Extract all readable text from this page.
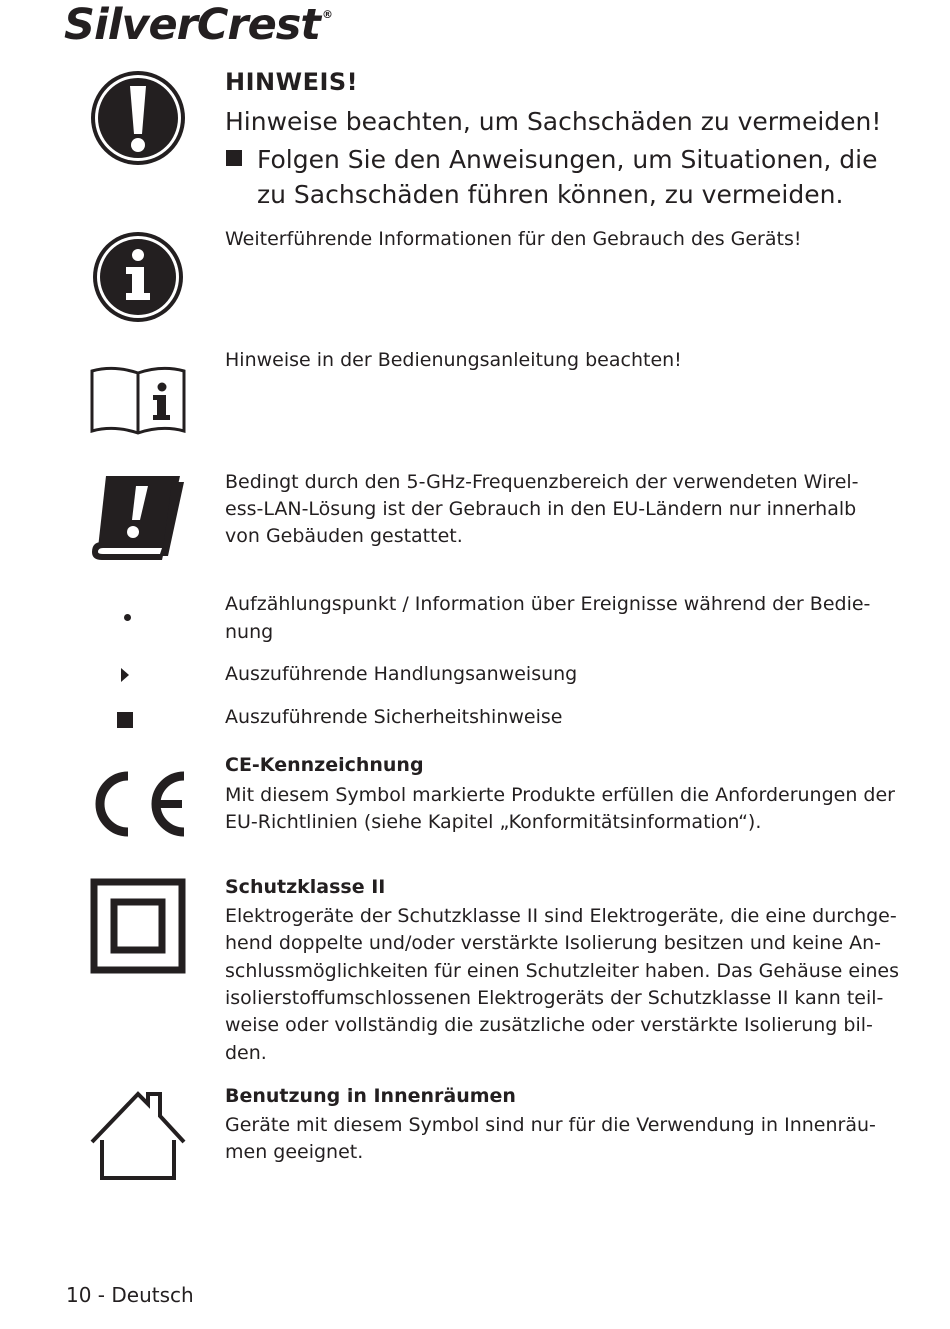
SilverCrest ®
HINWEIS!
Hinweise beachten, um Sachschäden zu vermeiden!
Folgen Sie den Anweisungen, um Situationen, die
zu Sachschäden führen können, zu vermeiden.
Weiterführende Informationen für den Gebrauch des Geräts!
Hinweise in der Bedienungsanleitung beachten!
Bedingt durch den 5-GHz-Frequenzbereich der verwendeten Wirel-
ess-LAN-Lösung ist der Gebrauch in den EU-Ländern nur innerhalb
von Gebäuden gestattet.
Aufzählungspunkt / Information über Ereignisse während der Bedie-
nung
Auszuführende Handlungsanweisung
Auszuführende Sicherheitshinweise
CE-Kennzeichnung
Mit diesem Symbol markierte Produkte erfüllen die Anforderungen der
EU-Richtlinien (siehe Kapitel „Konformitätsinformation“).
Schutzklasse II
Elektrogeräte der Schutzklasse II sind Elektrogeräte, die eine durchge-
hend doppelte und/oder verstärkte Isolierung besitzen und keine An-
schlussmöglichkeiten für einen Schutzleiter haben. Das Gehäuse eines
isolierstoffumschlossenen Elektrogeräts der Schutzklasse II kann teil-
weise oder vollständig die zusätzliche oder verstärkte Isolierung bil-
den.
Benutzung in Innenräumen
Geräte mit diesem Symbol sind nur für die Verwendung in Innenräu-
men geeignet.
10 - Deutsch
